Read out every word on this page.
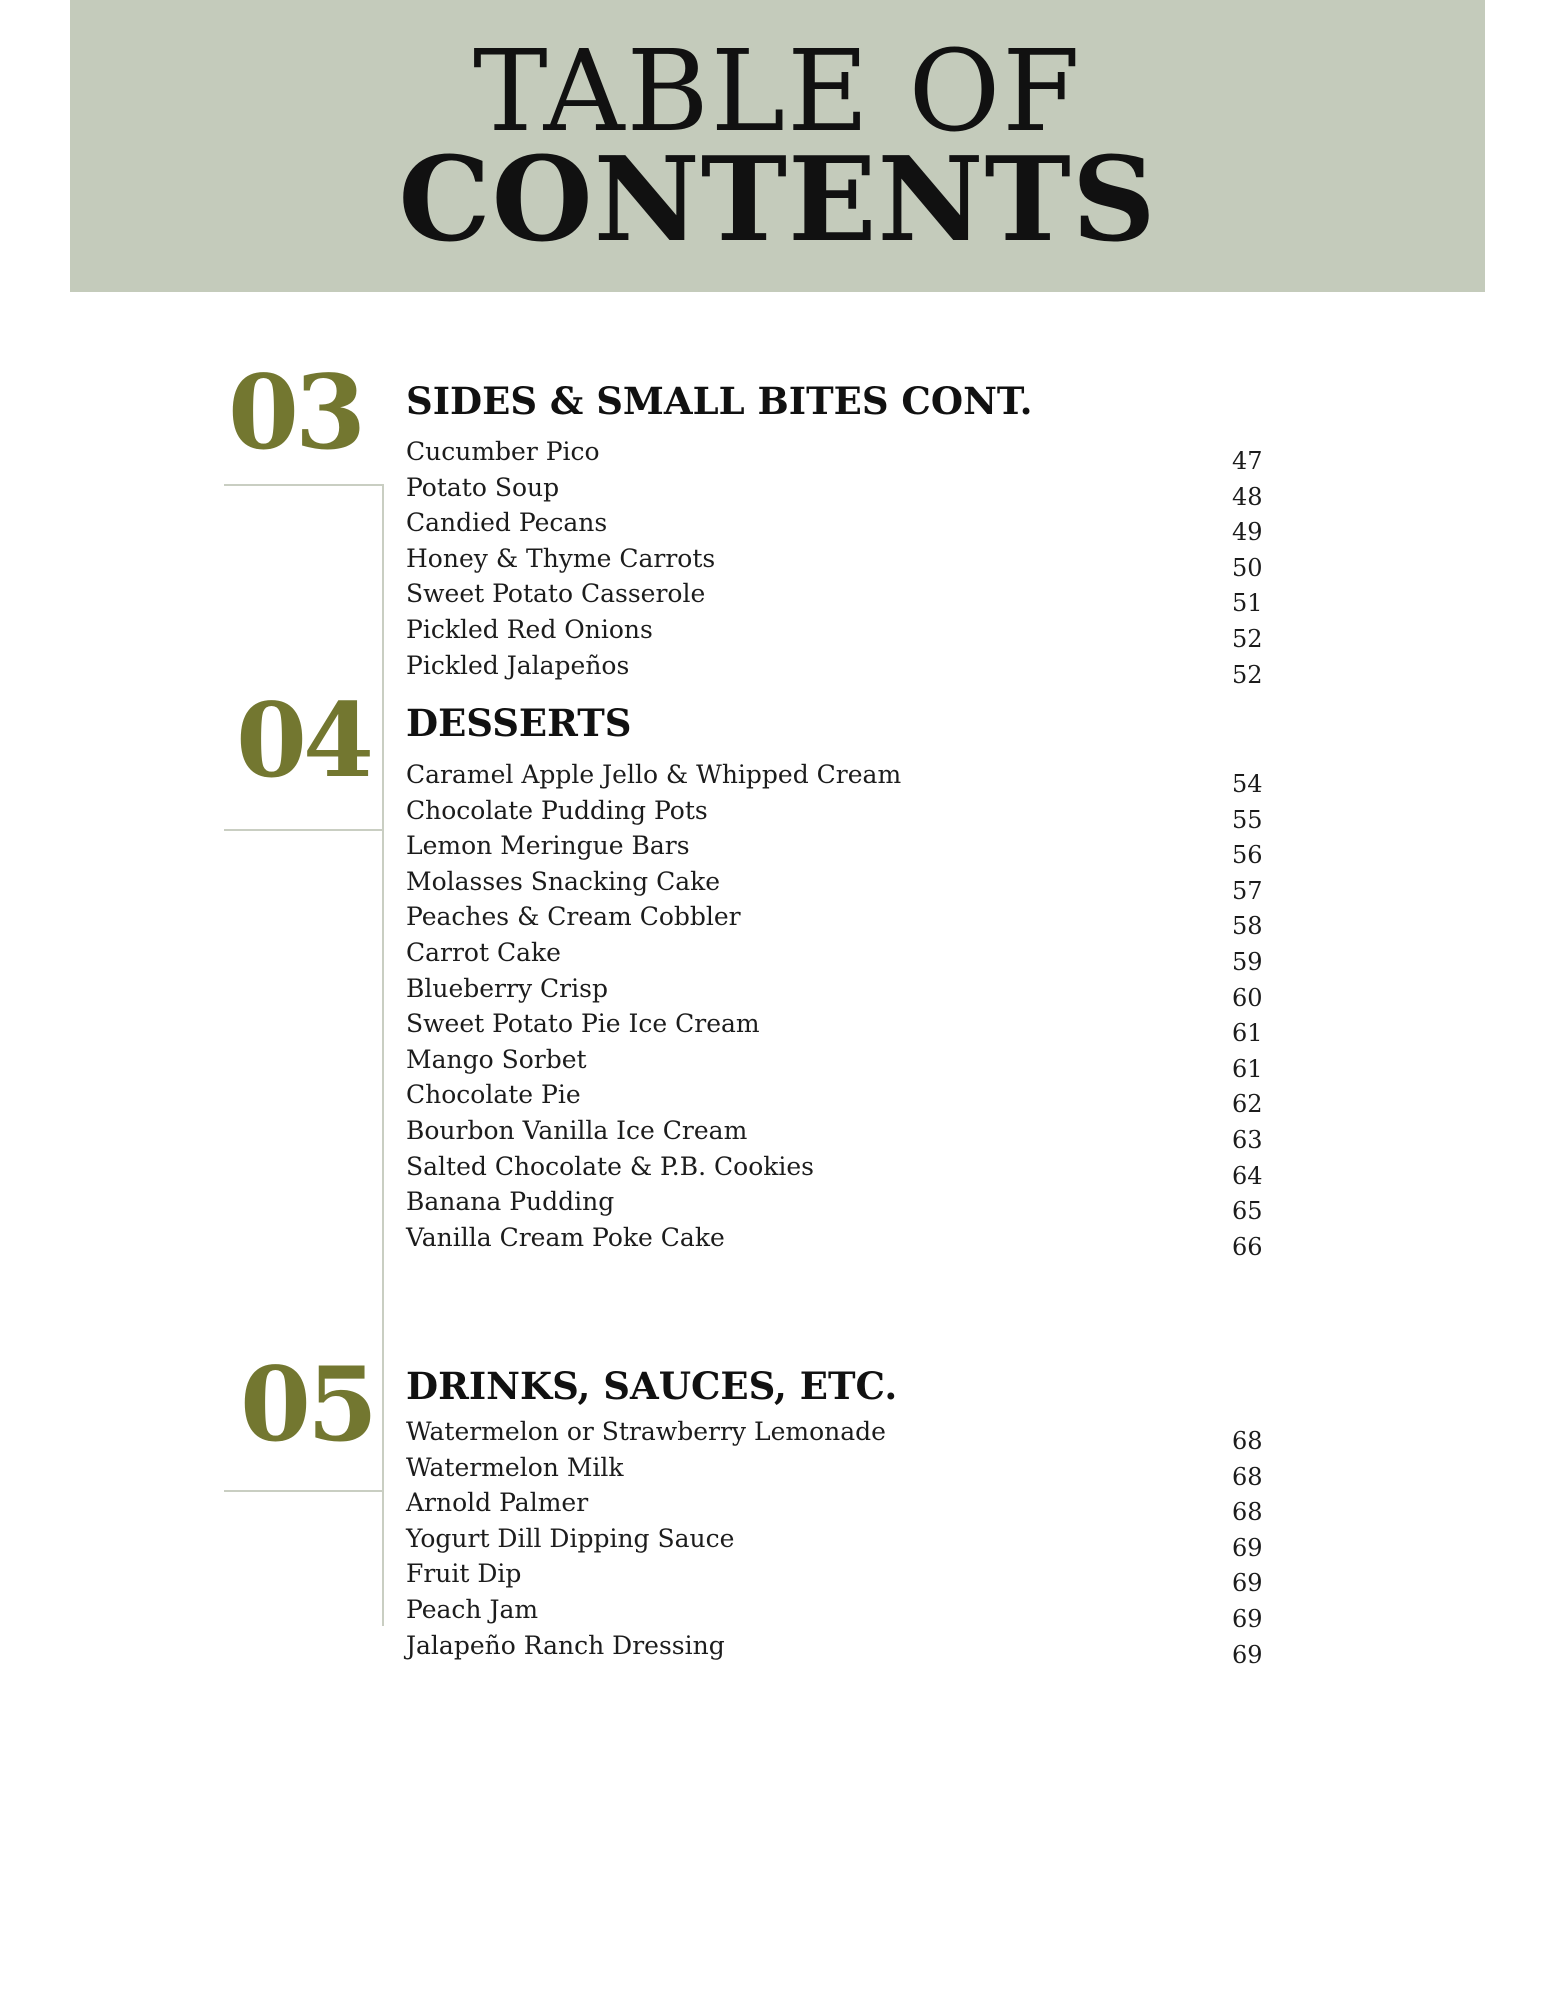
TABLE OF
CONTENTS
03 SIDES & SMALL BITES CONT.
Cucumber Pico	47
Potato Soup	48
Candied Pecans	49
Honey & Thyme Carrots	50
Sweet Potato Casserole	51
Pickled Red Onions	52
Pickled Jalapeños	52
04 DESSERTS
Caramel Apple Jello & Whipped Cream	54
Chocolate Pudding Pots	55
Lemon Meringue Bars	56
Molasses Snacking Cake	57
Peaches & Cream Cobbler	58
Carrot Cake	59
Blueberry Crisp	60
Sweet Potato Pie Ice Cream	61
Mango Sorbet	61
Chocolate Pie	62
Bourbon Vanilla Ice Cream	63
Salted Chocolate & P.B. Cookies	64
Banana Pudding	65
Vanilla Cream Poke Cake	66
05 DRINKS, SAUCES, ETC.
Watermelon or Strawberry Lemonade	68
Watermelon Milk	68
Arnold Palmer	68
Yogurt Dill Dipping Sauce	69
Fruit Dip	69
Peach Jam	69
Jalapeño Ranch Dressing	69
